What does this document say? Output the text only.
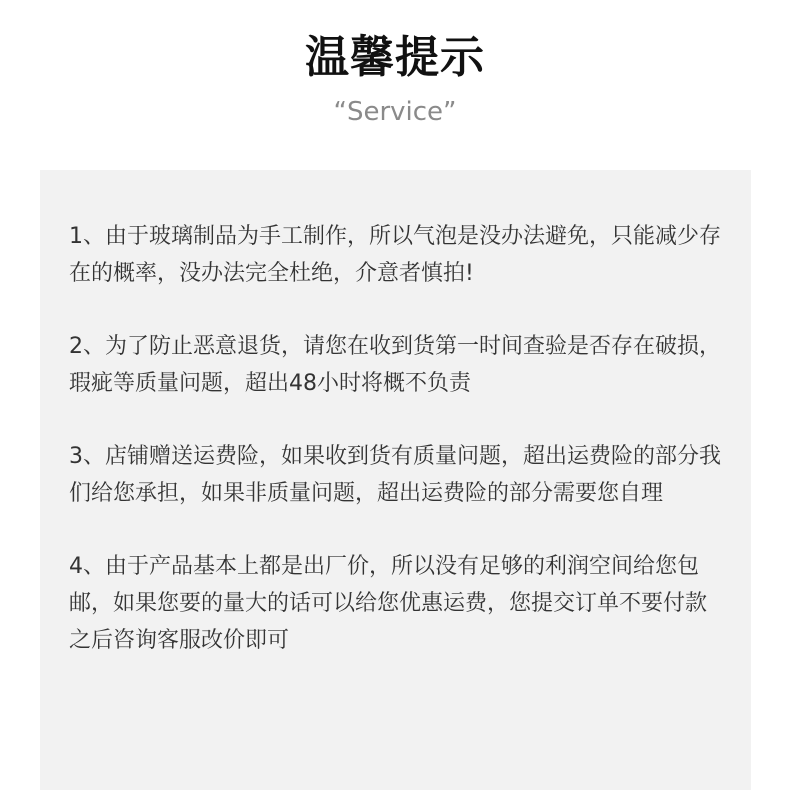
温馨提示
“Service”

1、由于玻璃制品为手工制作，所以气泡是没办法避免，只能减少存在的概率，没办法完全杜绝，介意者慎拍!

2、为了防止恶意退货，请您在收到货第一时间查验是否存在破损，瑕疵等质量问题，超出48小时将概不负责

3、店铺赠送运费险，如果收到货有质量问题，超出运费险的部分我们给您承担，如果非质量问题，超出运费险的部分需要您自理

4、由于产品基本上都是出厂价，所以没有足够的利润空间给您包邮，如果您要的量大的话可以给您优惠运费，您提交订单不要付款之后咨询客服改价即可
